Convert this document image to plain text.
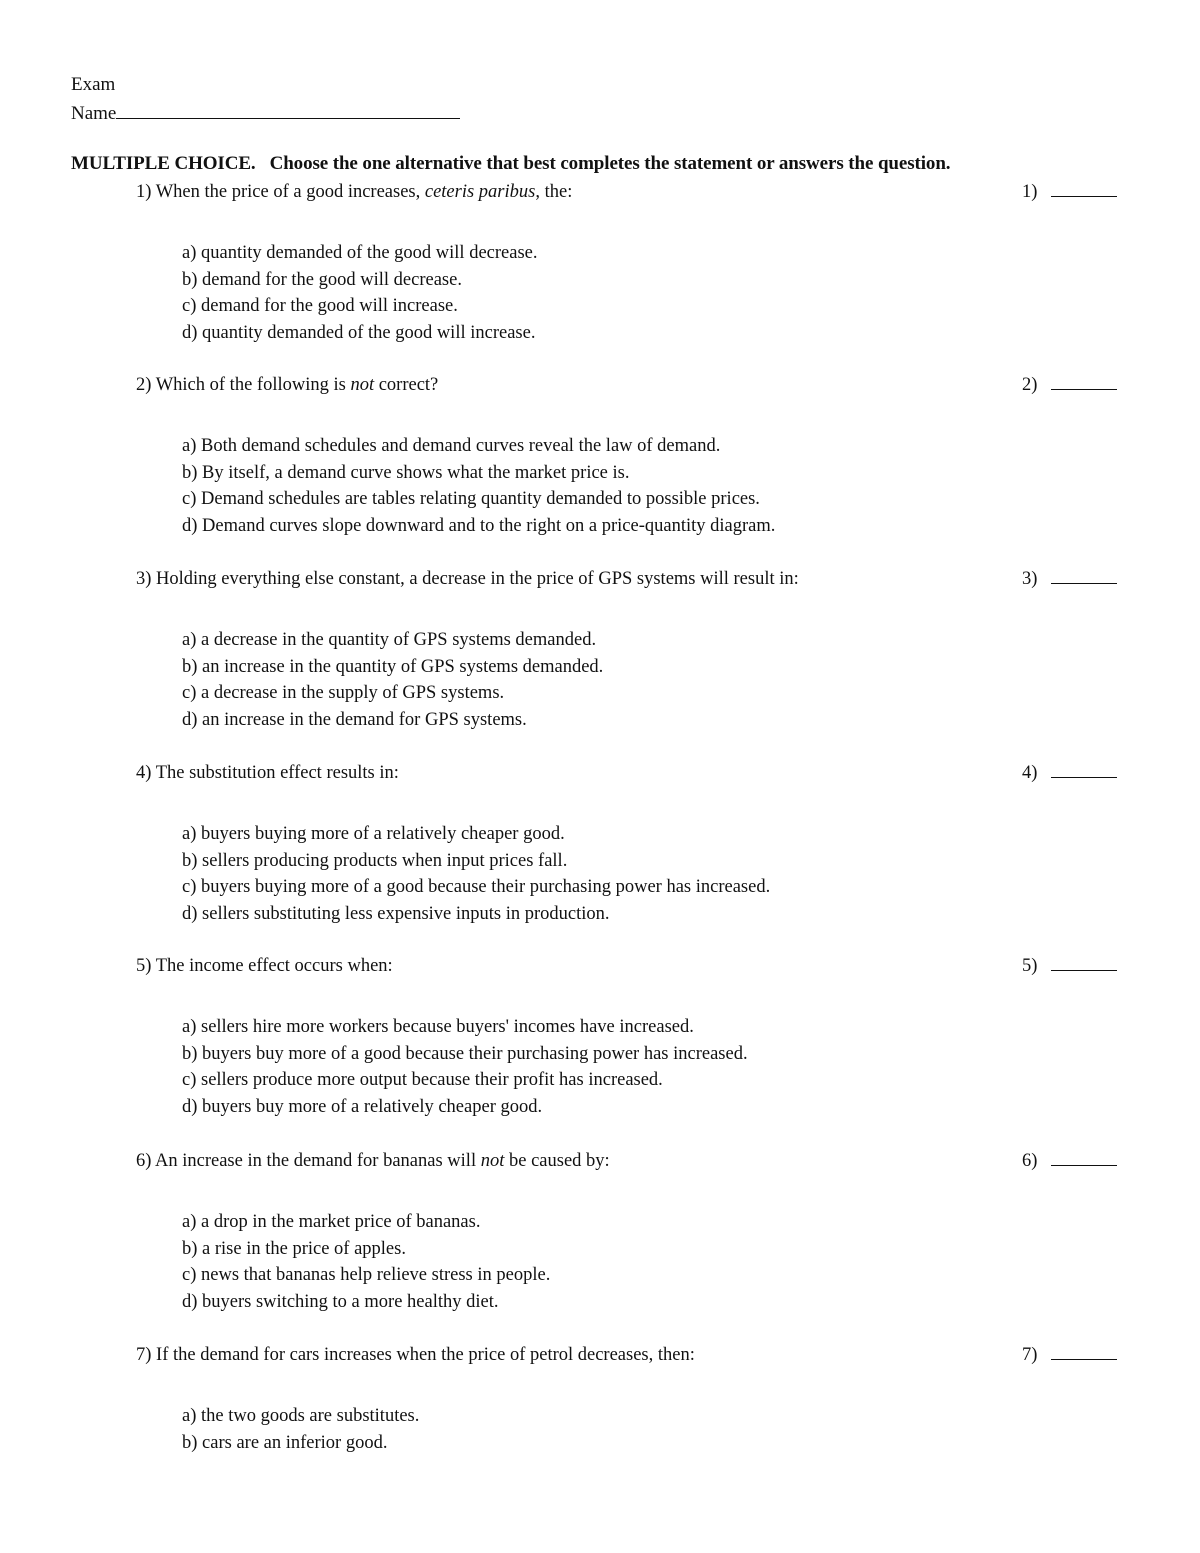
Exam
Name
MULTIPLE CHOICE. Choose the one alternative that best completes the statement or answers the question.
1) When the price of a good increases, ceteris paribus, the:	1)
a) quantity demanded of the good will decrease.
b) demand for the good will decrease.
c) demand for the good will increase.
d) quantity demanded of the good will increase.
2) Which of the following is not correct?	2)
a) Both demand schedules and demand curves reveal the law of demand.
b) By itself, a demand curve shows what the market price is.
c) Demand schedules are tables relating quantity demanded to possible prices.
d) Demand curves slope downward and to the right on a price-quantity diagram.
3) Holding everything else constant, a decrease in the price of GPS systems will result in:	3)
a) a decrease in the quantity of GPS systems demanded.
b) an increase in the quantity of GPS systems demanded.
c) a decrease in the supply of GPS systems.
d) an increase in the demand for GPS systems.
4) The substitution effect results in:	4)
a) buyers buying more of a relatively cheaper good.
b) sellers producing products when input prices fall.
c) buyers buying more of a good because their purchasing power has increased.
d) sellers substituting less expensive inputs in production.
5) The income effect occurs when:	5)
a) sellers hire more workers because buyers' incomes have increased.
b) buyers buy more of a good because their purchasing power has increased.
c) sellers produce more output because their profit has increased.
d) buyers buy more of a relatively cheaper good.
6) An increase in the demand for bananas will not be caused by:	6)
a) a drop in the market price of bananas.
b) a rise in the price of apples.
c) news that bananas help relieve stress in people.
d) buyers switching to a more healthy diet.
7) If the demand for cars increases when the price of petrol decreases, then:	7)
a) the two goods are substitutes.
b) cars are an inferior good.
